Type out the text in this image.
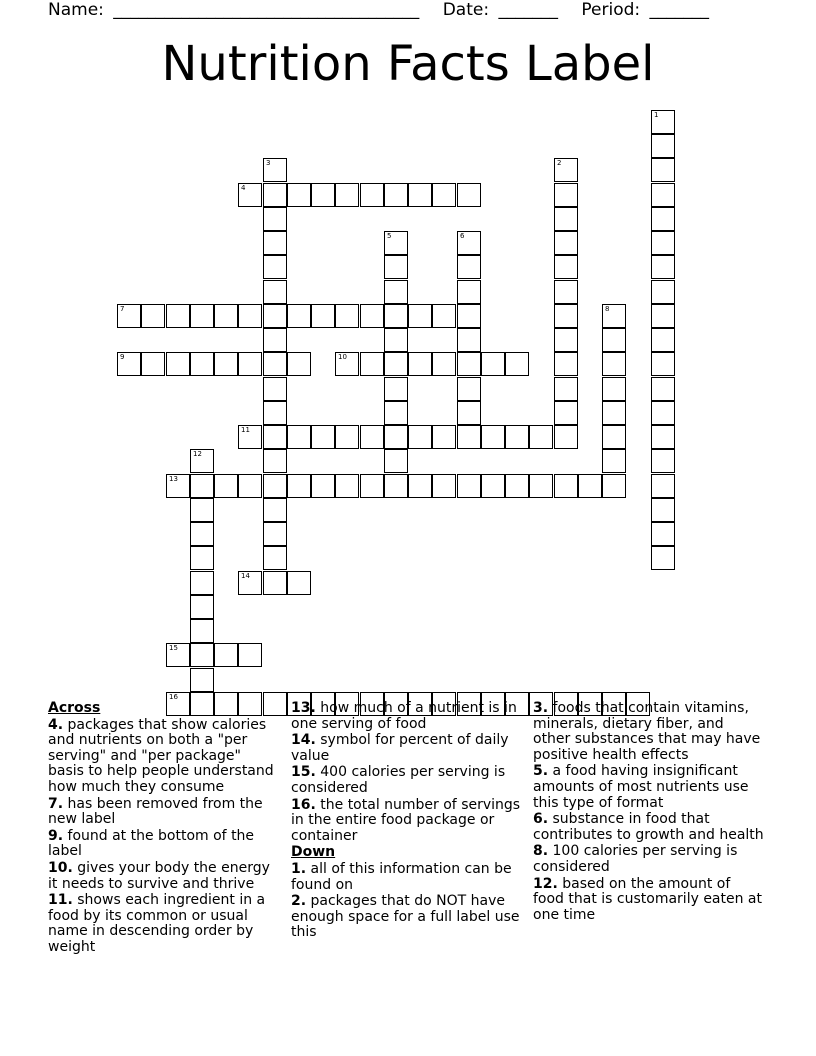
Name: ____________________________________ Date: _______ Period: _______
Nutrition Facts Label
4
7
9	10
11
13
14
15
16
1
2
3
5	6
8
12
Across
4. packages that show calories and nutrients on both a "per serving" and "per package" basis to help people understand how much they consume
7. has been removed from the new label
9. found at the bottom of the label
10. gives your body the energy it needs to survive and thrive
11. shows each ingredient in a food by its common or usual name in descending order by weight
13. how much of a nutrient is in one serving of food
14. symbol for percent of daily value
15. 400 calories per serving is considered
16. the total number of servings in the entire food package or container
Down
1. all of this information can be found on
2. packages that do NOT have enough space for a full label use this
3. foods that contain vitamins, minerals, dietary fiber, and other substances that may have positive health effects
5. a food having insignificant amounts of most nutrients use this type of format
6. substance in food that contributes to growth and health
8. 100 calories per serving is considered
12. based on the amount of food that is customarily eaten at one time
